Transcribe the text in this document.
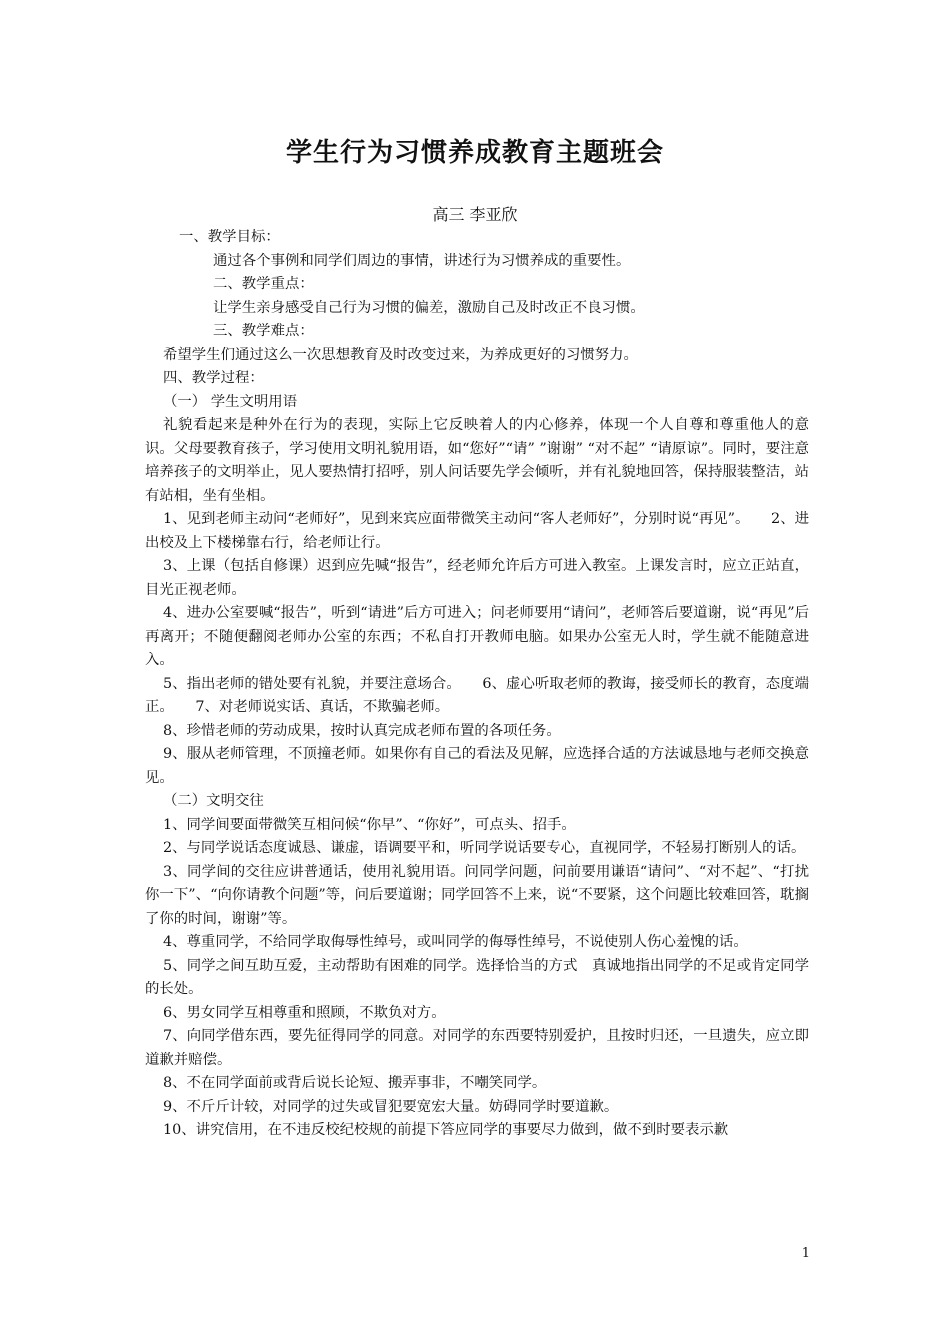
学生行为习惯养成教育主题班会
高三 李亚欣

一、教学目标：

通过各个事例和同学们周边的事情，讲述行为习惯养成的重要性。

二、教学重点：

让学生亲身感受自己行为习惯的偏差，激励自己及时改正不良习惯。

三、教学难点：

希望学生们通过这么一次思想教育及时改变过来，为养成更好的习惯努力。

四、教学过程：

（一） 学生文明用语

礼貌看起来是种外在行为的表现，实际上它反映着人的内心修养，体现一个人自尊和尊重他人的意识。父母要教育孩子，学习使用文明礼貌用语，如“您好”“请” ”谢谢” “对不起” “请原谅”。同时，要注意培养孩子的文明举止，见人要热情打招呼，别人问话要先学会倾听，并有礼貌地回答，保持服装整洁，站有站相，坐有坐相。

1、见到老师主动问“老师好”，见到来宾应面带微笑主动问“客人老师好”，分别时说“再见”。　　2、进出校及上下楼梯靠右行，给老师让行。

3、上课（包括自修课）迟到应先喊“报告”，经老师允许后方可进入教室。上课发言时，应立正站直，目光正视老师。

4、进办公室要喊“报告”，听到“请进”后方可进入；问老师要用“请问”，老师答后要道谢，说“再见”后再离开；不随便翻阅老师办公室的东西；不私自打开教师电脑。如果办公室无人时，学生就不能随意进入。

5、指出老师的错处要有礼貌，并要注意场合。　　6、虚心听取老师的教诲，接受师长的教育，态度端正。　　7、对老师说实话、真话，不欺骗老师。

8、珍惜老师的劳动成果，按时认真完成老师布置的各项任务。

9、服从老师管理，不顶撞老师。如果你有自己的看法及见解，应选择合适的方法诚恳地与老师交换意见。

（二）文明交往

1、同学间要面带微笑互相问候“你早”、“你好”，可点头、招手。

2、与同学说话态度诚恳、谦虚，语调要平和，听同学说话要专心，直视同学，不轻易打断别人的话。

3、同学间的交往应讲普通话，使用礼貌用语。问同学问题，问前要用谦语“请问”、“对不起”、“打扰你一下”、“向你请教个问题”等，问后要道谢；同学回答不上来，说“不要紧，这个问题比较难回答，耽搁了你的时间，谢谢”等。

4、尊重同学，不给同学取侮辱性绰号，或叫同学的侮辱性绰号，不说使别人伤心羞愧的话。

5、同学之间互助互爱，主动帮助有困难的同学。选择恰当的方式　真诚地指出同学的不足或肯定同学的长处。

6、男女同学互相尊重和照顾，不欺负对方。

7、向同学借东西，要先征得同学的同意。对同学的东西要特别爱护，且按时归还，一旦遗失，应立即道歉并赔偿。

8、不在同学面前或背后说长论短、搬弄事非，不嘲笑同学。

9、不斤斤计较，对同学的过失或冒犯要宽宏大量。妨碍同学时要道歉。

10、讲究信用，在不违反校纪校规的前提下答应同学的事要尽力做到，做不到时要表示歉

1
